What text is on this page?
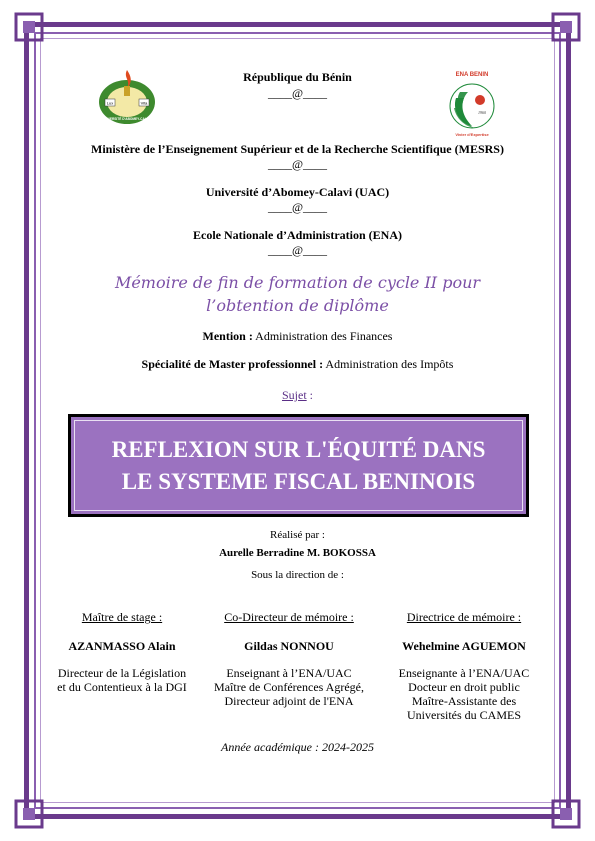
Lux	Vita
UNIVERSITÉ D'ABOMEY-CALAVI
ENA BENIN
1960
Vivier d'Expertise
République du Bénin
____@____
Ministère de l’Enseignement Supérieur et de la Recherche Scientifique (MESRS)
____@____
Université d’Abomey-Calavi (UAC)
____@____
Ecole Nationale d’Administration (ENA)
____@____
Mémoire de fin de formation de cycle II pour
l’obtention de diplôme
Mention : Administration des Finances
Spécialité de Master professionnel : Administration des Impôts
Sujet :
REFLEXION SUR L'ÉQUITÉ DANS
LE SYSTEME FISCAL BENINOIS
Réalisé par :
Aurelle Berradine M. BOKOSSA
Sous la direction de :
Maître de stage :
AZANMASSO Alain
Directeur de la Législation
et du Contentieux à la DGI
Co-Directeur de mémoire :
Gildas NONNOU
Enseignant à l’ENA/UAC
Maître de Conférences Agrégé,
Directeur adjoint de l'ENA
Directrice de mémoire :
Wehelmine AGUEMON
Enseignante à l’ENA/UAC
Docteur en droit public
Maître-Assistante des
Universités du CAMES
Année académique : 2024-2025
